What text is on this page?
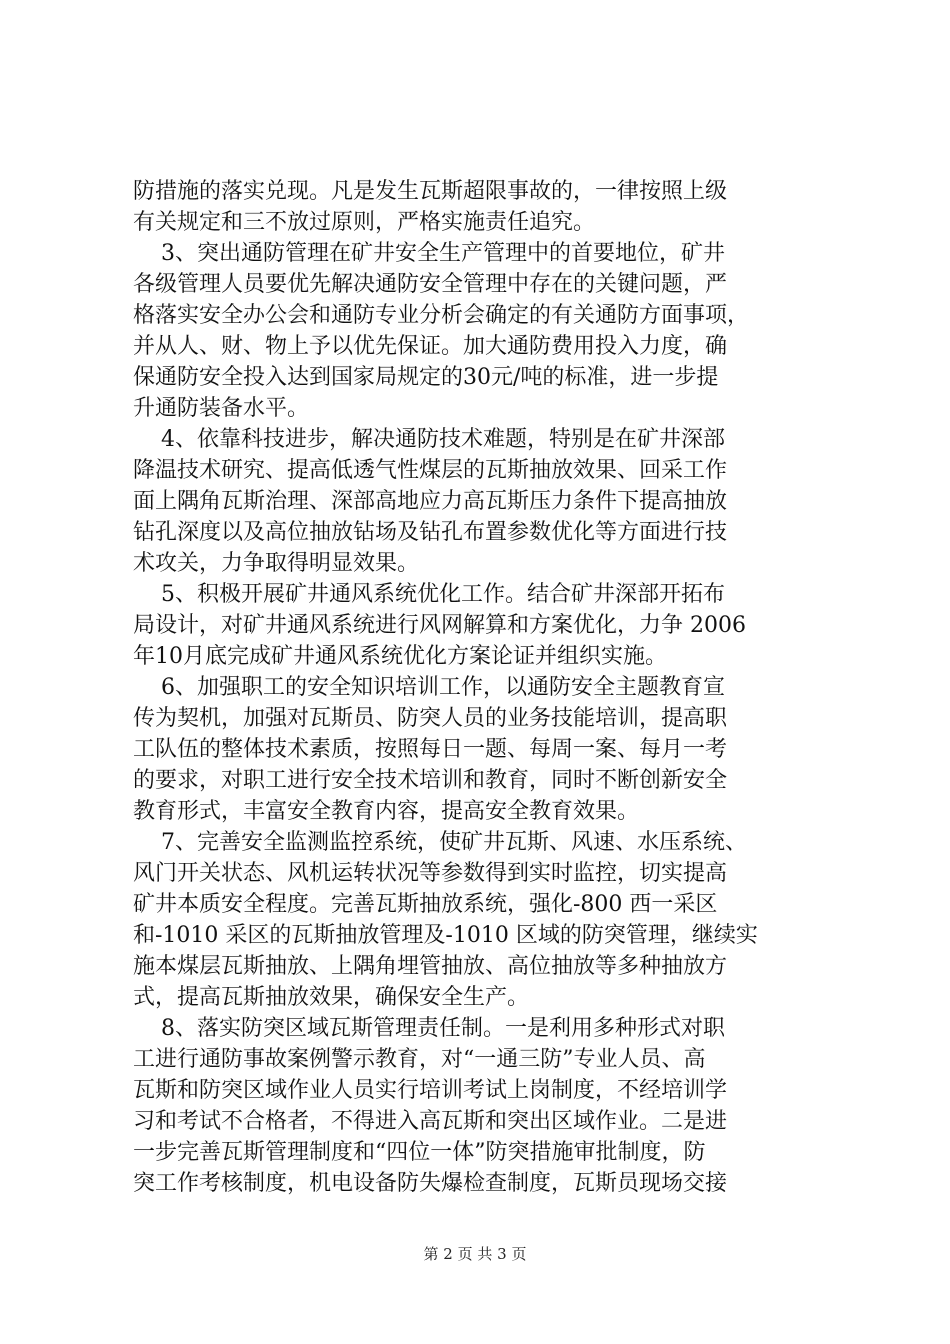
防措施的落实兑现。凡是发生瓦斯超限事故的，一律按照上级
有关规定和三不放过原则，严格实施责任追究。
3、突出通防管理在矿井安全生产管理中的首要地位，矿井
各级管理人员要优先解决通防安全管理中存在的关键问题，严
格落实安全办公会和通防专业分析会确定的有关通防方面事项，
并从人、财、物上予以优先保证。加大通防费用投入力度，确
保通防安全投入达到国家局规定的30元/吨的标准，进一步提
升通防装备水平。
4、依靠科技进步，解决通防技术难题，特别是在矿井深部
降温技术研究、提高低透气性煤层的瓦斯抽放效果、回采工作
面上隅角瓦斯治理、深部高地应力高瓦斯压力条件下提高抽放
钻孔深度以及高位抽放钻场及钻孔布置参数优化等方面进行技
术攻关，力争取得明显效果。
5、积极开展矿井通风系统优化工作。结合矿井深部开拓布
局设计，对矿井通风系统进行风网解算和方案优化，力争 2006
年10月底完成矿井通风系统优化方案论证并组织实施。
6、加强职工的安全知识培训工作，以通防安全主题教育宣
传为契机，加强对瓦斯员、防突人员的业务技能培训，提高职
工队伍的整体技术素质，按照每日一题、每周一案、每月一考
的要求，对职工进行安全技术培训和教育，同时不断创新安全
教育形式，丰富安全教育内容，提高安全教育效果。
7、完善安全监测监控系统，使矿井瓦斯、风速、水压系统、
风门开关状态、风机运转状况等参数得到实时监控，切实提高
矿井本质安全程度。完善瓦斯抽放系统，强化-800 西一采区
和-1010 采区的瓦斯抽放管理及-1010 区域的防突管理，继续实
施本煤层瓦斯抽放、上隅角埋管抽放、高位抽放等多种抽放方
式，提高瓦斯抽放效果，确保安全生产。
8、落实防突区域瓦斯管理责任制。一是利用多种形式对职
工进行通防事故案例警示教育，对“一通三防”专业人员、高
瓦斯和防突区域作业人员实行培训考试上岗制度，不经培训学
习和考试不合格者，不得进入高瓦斯和突出区域作业。二是进
一步完善瓦斯管理制度和“四位一体”防突措施审批制度，防
突工作考核制度，机电设备防失爆检查制度，瓦斯员现场交接
第 2 页 共 3 页
